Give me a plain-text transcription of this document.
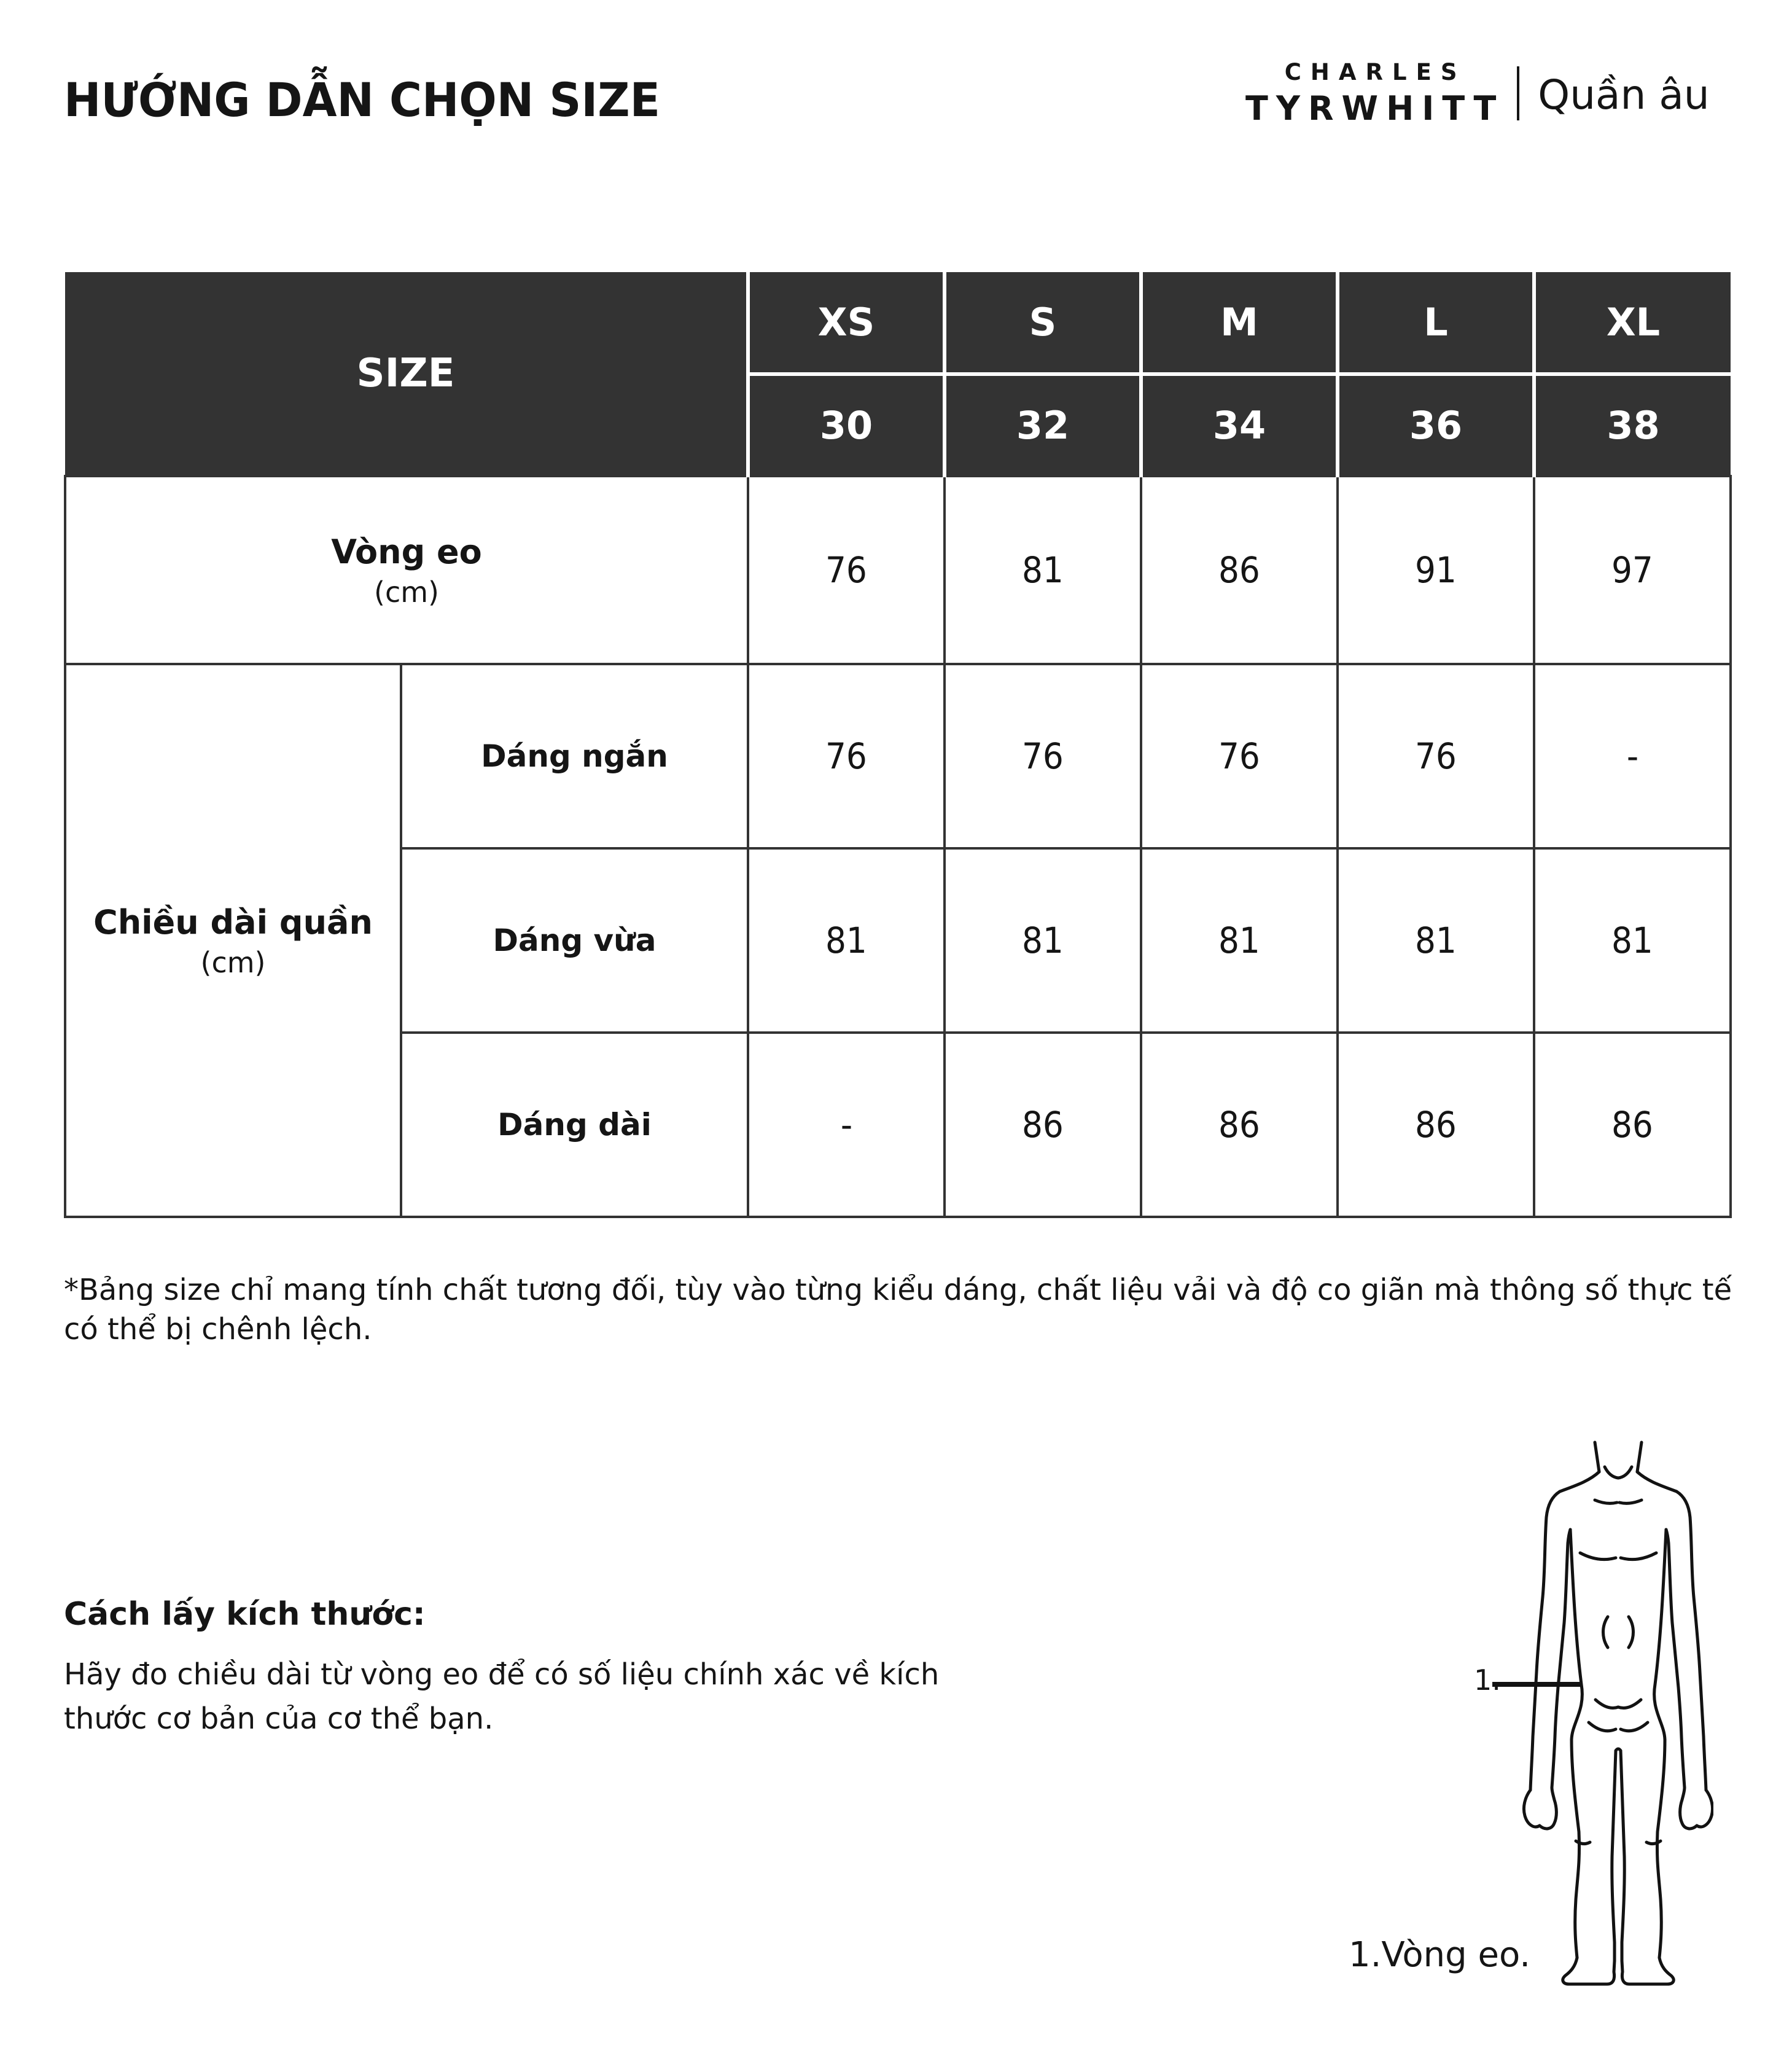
HƯỚNG DẪN CHỌN SIZE
CHARLES
TYRWHITT Quần âu
SIZE		XS	S	M	L	XL
		30	32	34	36	38

Vòng eo
(cm)		76	81	86	91	97

Chiều dài quần
(cm)	Dáng ngắn	76	76	76	76	-
	Dáng vừa	81	81	81	81	81
	Dáng dài	-	86	86	86	86
*Bảng size chỉ mang tính chất tương đối, tùy vào từng kiểu dáng, chất liệu vải và độ co giãn mà thông số thực tế có thể bị chênh lệch.
Cách lấy kích thước:
Hãy đo chiều dài từ vòng eo để có số liệu chính xác về kích thước cơ bản của cơ thể bạn.
1.
1.Vòng eo.
